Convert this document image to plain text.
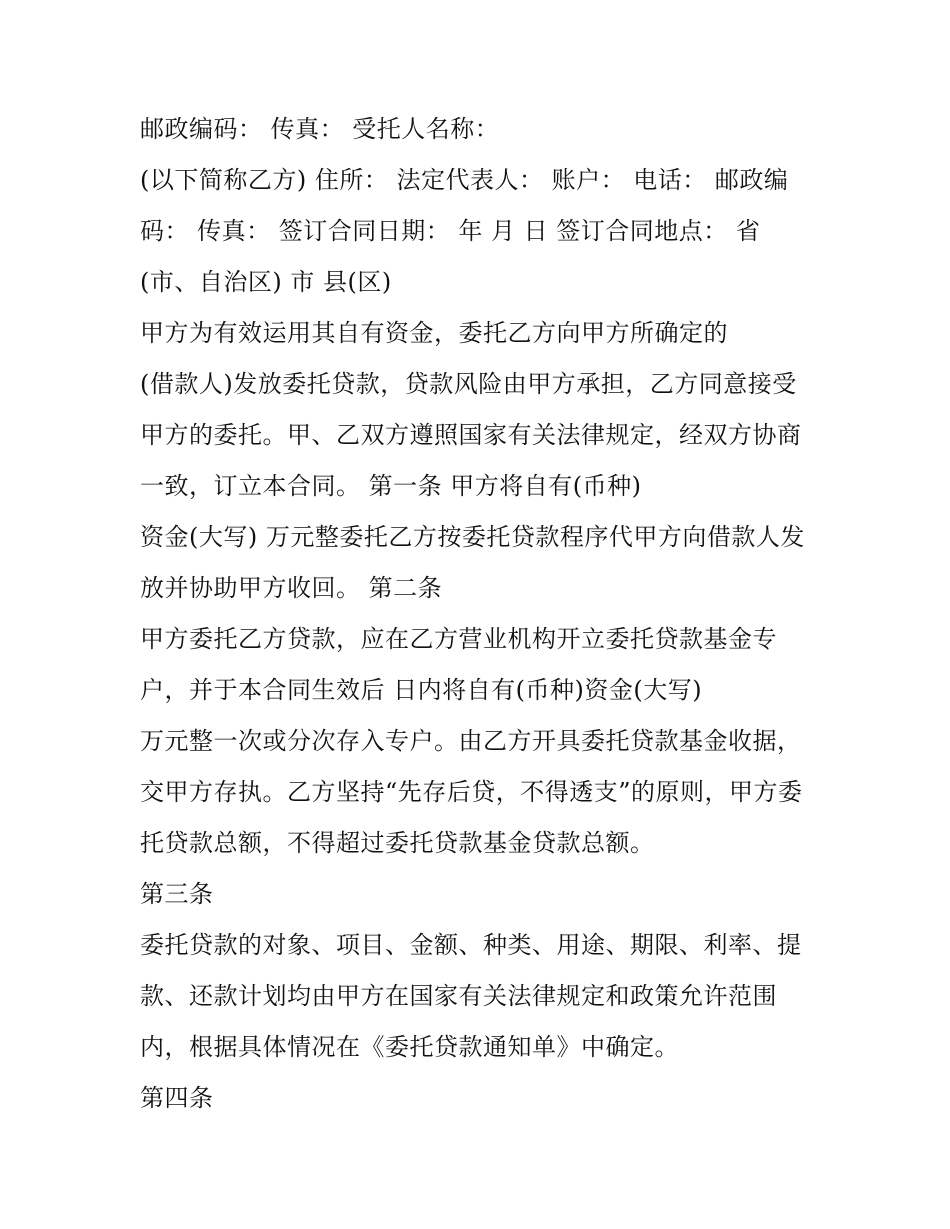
邮政编码： 传真： 受托人名称：
(以下简称乙方) 住所： 法定代表人： 账户： 电话： 邮政编
码： 传真： 签订合同日期： 年 月 日 签订合同地点： 省
(市、自治区) 市 县(区)
甲方为有效运用其自有资金，委托乙方向甲方所确定的
(借款人)发放委托贷款，贷款风险由甲方承担，乙方同意接受
甲方的委托。甲、乙双方遵照国家有关法律规定，经双方协商
一致，订立本合同。 第一条 甲方将自有(币种)
资金(大写) 万元整委托乙方按委托贷款程序代甲方向借款人发
放并协助甲方收回。 第二条
甲方委托乙方贷款，应在乙方营业机构开立委托贷款基金专
户，并于本合同生效后 日内将自有(币种)资金(大写)
万元整一次或分次存入专户。由乙方开具委托贷款基金收据，
交甲方存执。乙方坚持“先存后贷，不得透支”的原则，甲方委
托贷款总额，不得超过委托贷款基金贷款总额。
第三条
委托贷款的对象、项目、金额、种类、用途、期限、利率、提
款、还款计划均由甲方在国家有关法律规定和政策允许范围
内，根据具体情况在《委托贷款通知单》中确定。
第四条
